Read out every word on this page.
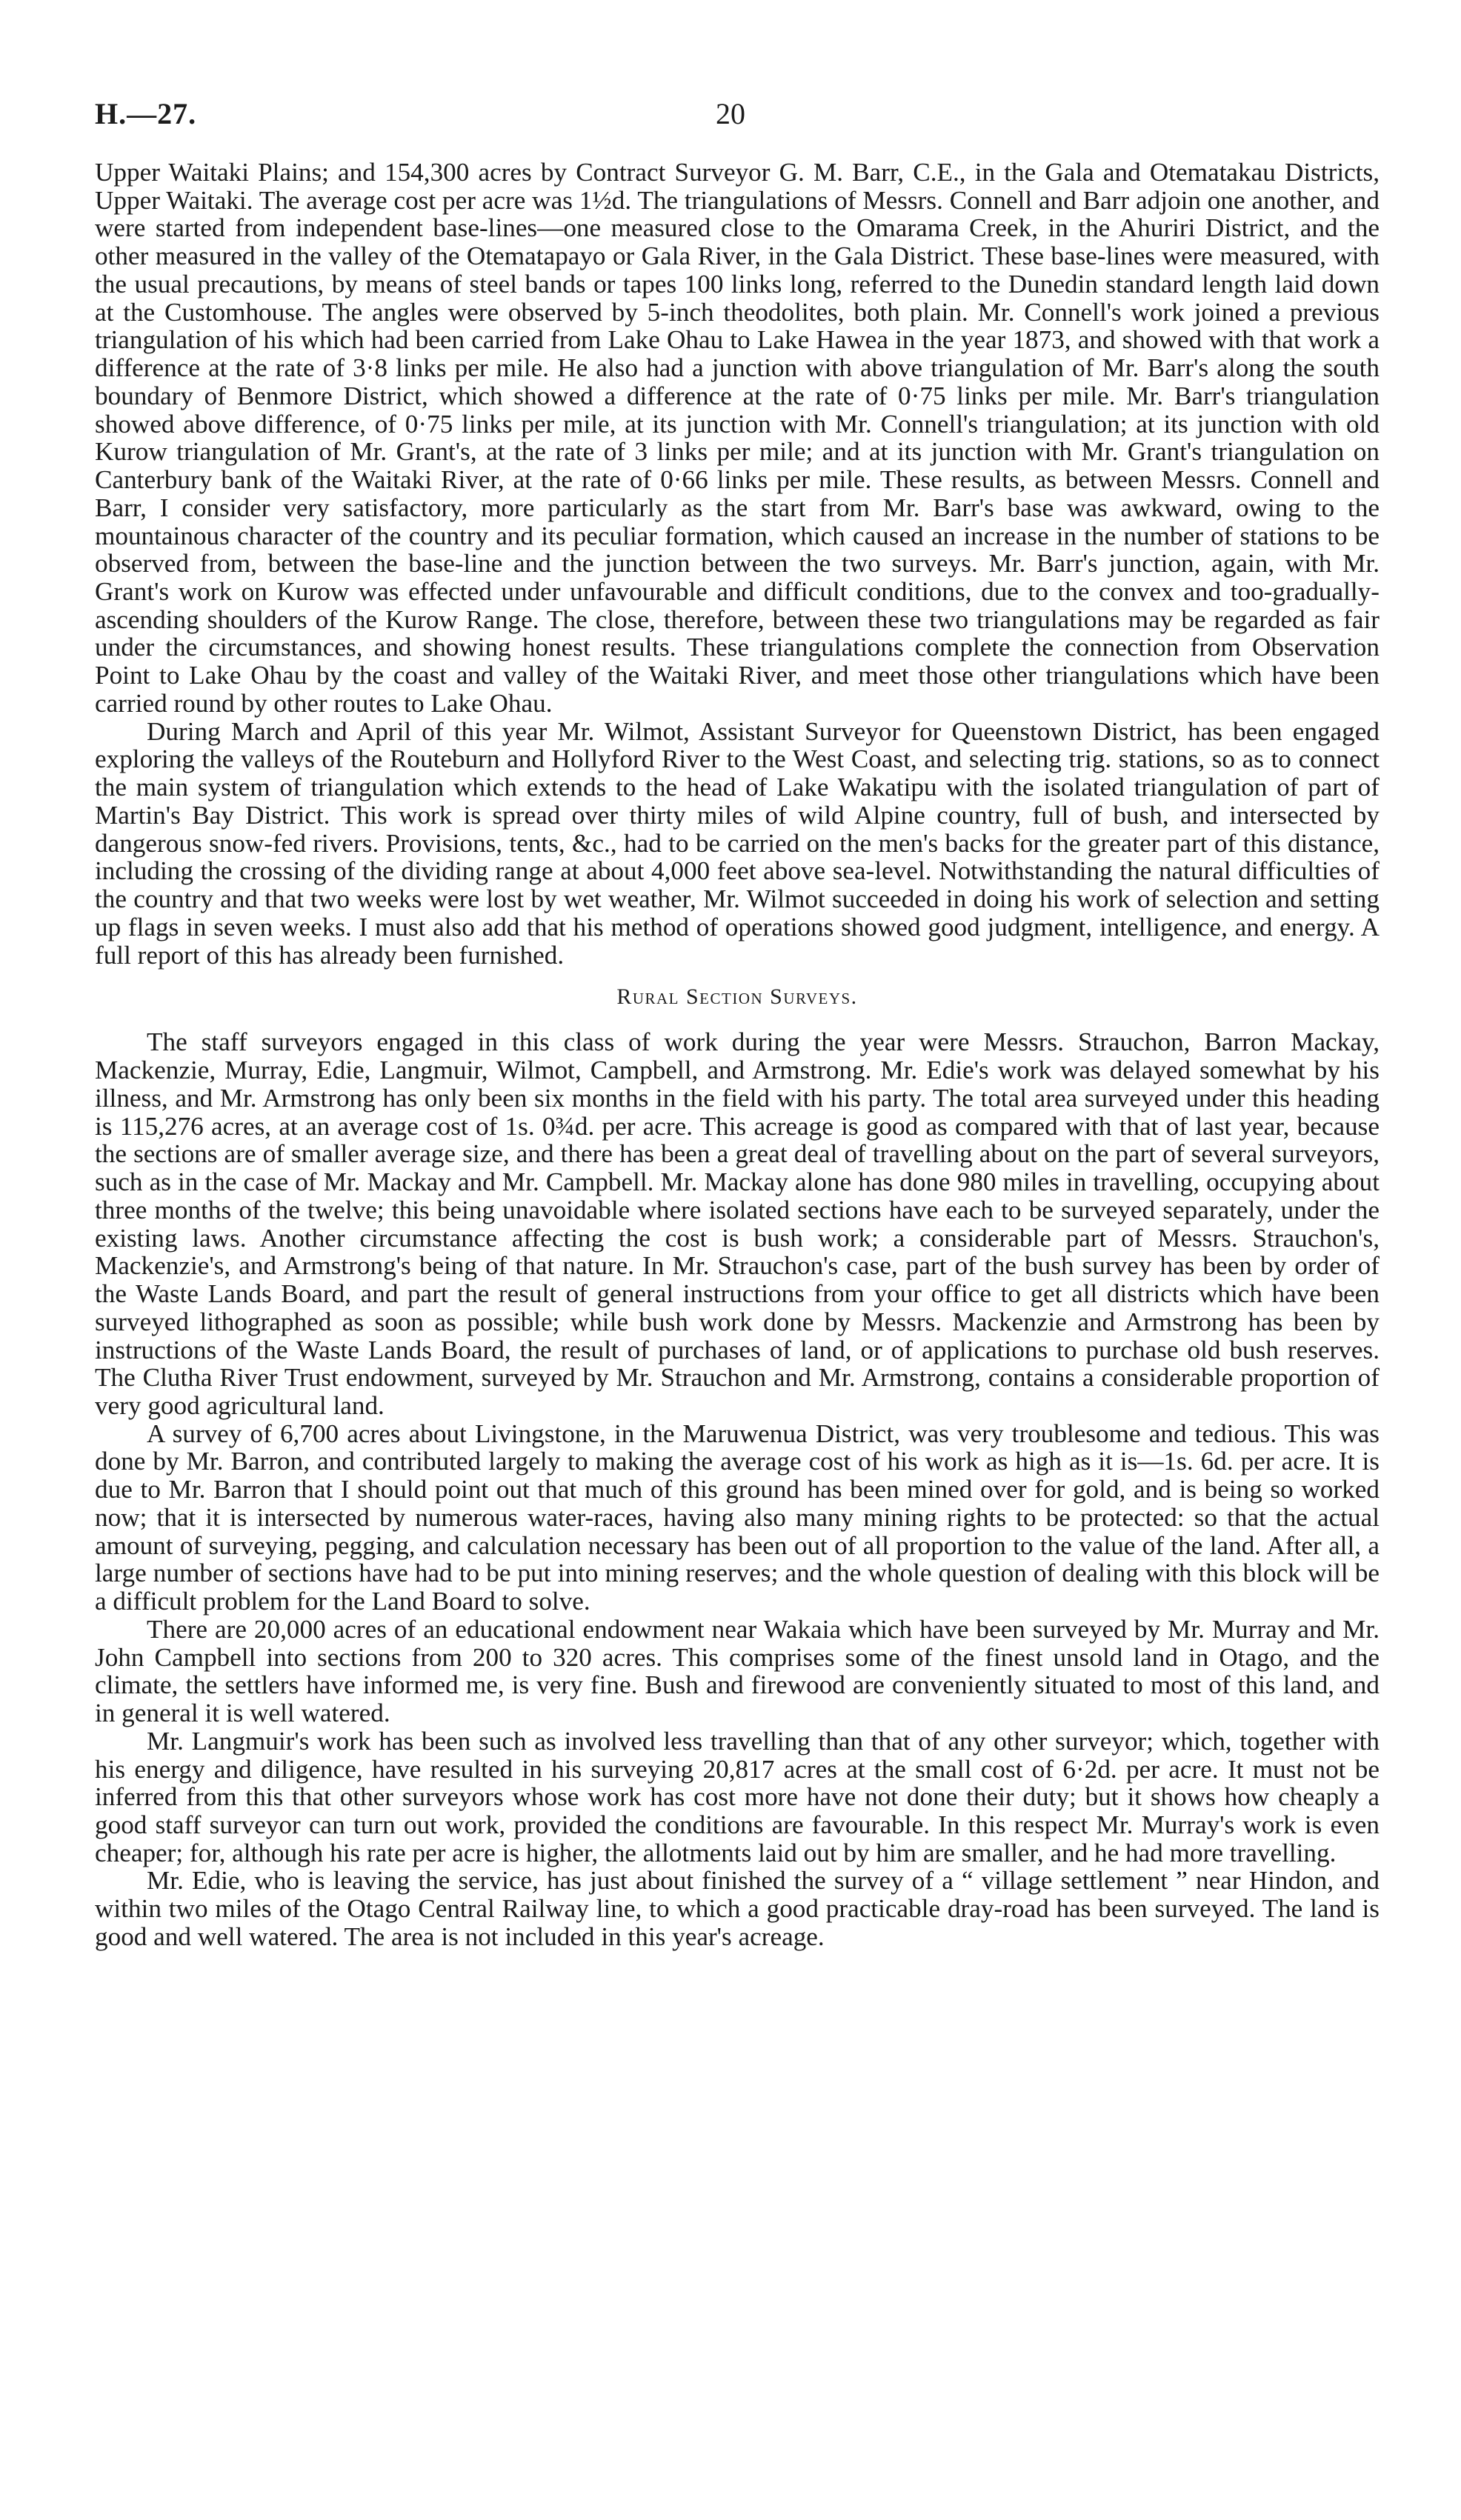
H.—27.	20

Upper Waitaki Plains; and 154,300 acres by Contract Surveyor G. M. Barr, C.E., in the Gala and Otematakau Districts, Upper Waitaki. The average cost per acre was 1½d. The triangulations of Messrs. Connell and Barr adjoin one another, and were started from independent base-lines—one measured close to the Omarama Creek, in the Ahuriri District, and the other measured in the valley of the Otematapayo or Gala River, in the Gala District. These base-lines were measured, with the usual precautions, by means of steel bands or tapes 100 links long, referred to the Dunedin standard length laid down at the Customhouse. The angles were observed by 5-inch theodolites, both plain. Mr. Connell's work joined a previous triangulation of his which had been carried from Lake Ohau to Lake Hawea in the year 1873, and showed with that work a difference at the rate of 3·8 links per mile. He also had a junction with above triangulation of Mr. Barr's along the south boundary of Benmore District, which showed a difference at the rate of 0·75 links per mile. Mr. Barr's triangulation showed above difference, of 0·75 links per mile, at its junction with Mr. Connell's triangulation; at its junction with old Kurow triangulation of Mr. Grant's, at the rate of 3 links per mile; and at its junction with Mr. Grant's triangulation on Canterbury bank of the Waitaki River, at the rate of 0·66 links per mile. These results, as between Messrs. Connell and Barr, I consider very satisfactory, more particularly as the start from Mr. Barr's base was awkward, owing to the mountainous character of the country and its peculiar formation, which caused an increase in the number of stations to be observed from, between the base-line and the junction between the two surveys. Mr. Barr's junction, again, with Mr. Grant's work on Kurow was effected under unfavourable and difficult conditions, due to the convex and too-gradually-ascending shoulders of the Kurow Range. The close, therefore, between these two triangulations may be regarded as fair under the circumstances, and showing honest results. These triangulations complete the connection from Observation Point to Lake Ohau by the coast and valley of the Waitaki River, and meet those other triangulations which have been carried round by other routes to Lake Ohau.

During March and April of this year Mr. Wilmot, Assistant Surveyor for Queenstown District, has been engaged exploring the valleys of the Routeburn and Hollyford River to the West Coast, and selecting trig. stations, so as to connect the main system of triangulation which extends to the head of Lake Wakatipu with the isolated triangulation of part of Martin's Bay District. This work is spread over thirty miles of wild Alpine country, full of bush, and intersected by dangerous snow-fed rivers. Provisions, tents, &c., had to be carried on the men's backs for the greater part of this distance, including the crossing of the dividing range at about 4,000 feet above sea-level. Notwithstanding the natural difficulties of the country and that two weeks were lost by wet weather, Mr. Wilmot succeeded in doing his work of selection and setting up flags in seven weeks. I must also add that his method of operations showed good judgment, intelligence, and energy. A full report of this has already been furnished.

Rural Section Surveys.

The staff surveyors engaged in this class of work during the year were Messrs. Strauchon, Barron Mackay, Mackenzie, Murray, Edie, Langmuir, Wilmot, Campbell, and Armstrong. Mr. Edie's work was delayed somewhat by his illness, and Mr. Armstrong has only been six months in the field with his party. The total area surveyed under this heading is 115,276 acres, at an average cost of 1s. 0¾d. per acre. This acreage is good as compared with that of last year, because the sections are of smaller average size, and there has been a great deal of travelling about on the part of several surveyors, such as in the case of Mr. Mackay and Mr. Campbell. Mr. Mackay alone has done 980 miles in travelling, occupying about three months of the twelve; this being unavoidable where isolated sections have each to be surveyed separately, under the existing laws. Another circumstance affecting the cost is bush work; a considerable part of Messrs. Strauchon's, Mackenzie's, and Armstrong's being of that nature. In Mr. Strauchon's case, part of the bush survey has been by order of the Waste Lands Board, and part the result of general instructions from your office to get all districts which have been surveyed lithographed as soon as possible; while bush work done by Messrs. Mackenzie and Armstrong has been by instructions of the Waste Lands Board, the result of purchases of land, or of applications to purchase old bush reserves. The Clutha River Trust endowment, surveyed by Mr. Strauchon and Mr. Armstrong, contains a considerable proportion of very good agricultural land.

A survey of 6,700 acres about Livingstone, in the Maruwenua District, was very troublesome and tedious. This was done by Mr. Barron, and contributed largely to making the average cost of his work as high as it is—1s. 6d. per acre. It is due to Mr. Barron that I should point out that much of this ground has been mined over for gold, and is being so worked now; that it is intersected by numerous water-races, having also many mining rights to be protected: so that the actual amount of surveying, pegging, and calculation necessary has been out of all proportion to the value of the land. After all, a large number of sections have had to be put into mining reserves; and the whole question of dealing with this block will be a difficult problem for the Land Board to solve.

There are 20,000 acres of an educational endowment near Wakaia which have been surveyed by Mr. Murray and Mr. John Campbell into sections from 200 to 320 acres. This comprises some of the finest unsold land in Otago, and the climate, the settlers have informed me, is very fine. Bush and firewood are conveniently situated to most of this land, and in general it is well watered.

Mr. Langmuir's work has been such as involved less travelling than that of any other surveyor; which, together with his energy and diligence, have resulted in his surveying 20,817 acres at the small cost of 6·2d. per acre. It must not be inferred from this that other surveyors whose work has cost more have not done their duty; but it shows how cheaply a good staff surveyor can turn out work, provided the conditions are favourable. In this respect Mr. Murray's work is even cheaper; for, although his rate per acre is higher, the allotments laid out by him are smaller, and he had more travelling.

Mr. Edie, who is leaving the service, has just about finished the survey of a “ village settlement ” near Hindon, and within two miles of the Otago Central Railway line, to which a good practicable dray-road has been surveyed. The land is good and well watered. The area is not included in this year's acreage.
